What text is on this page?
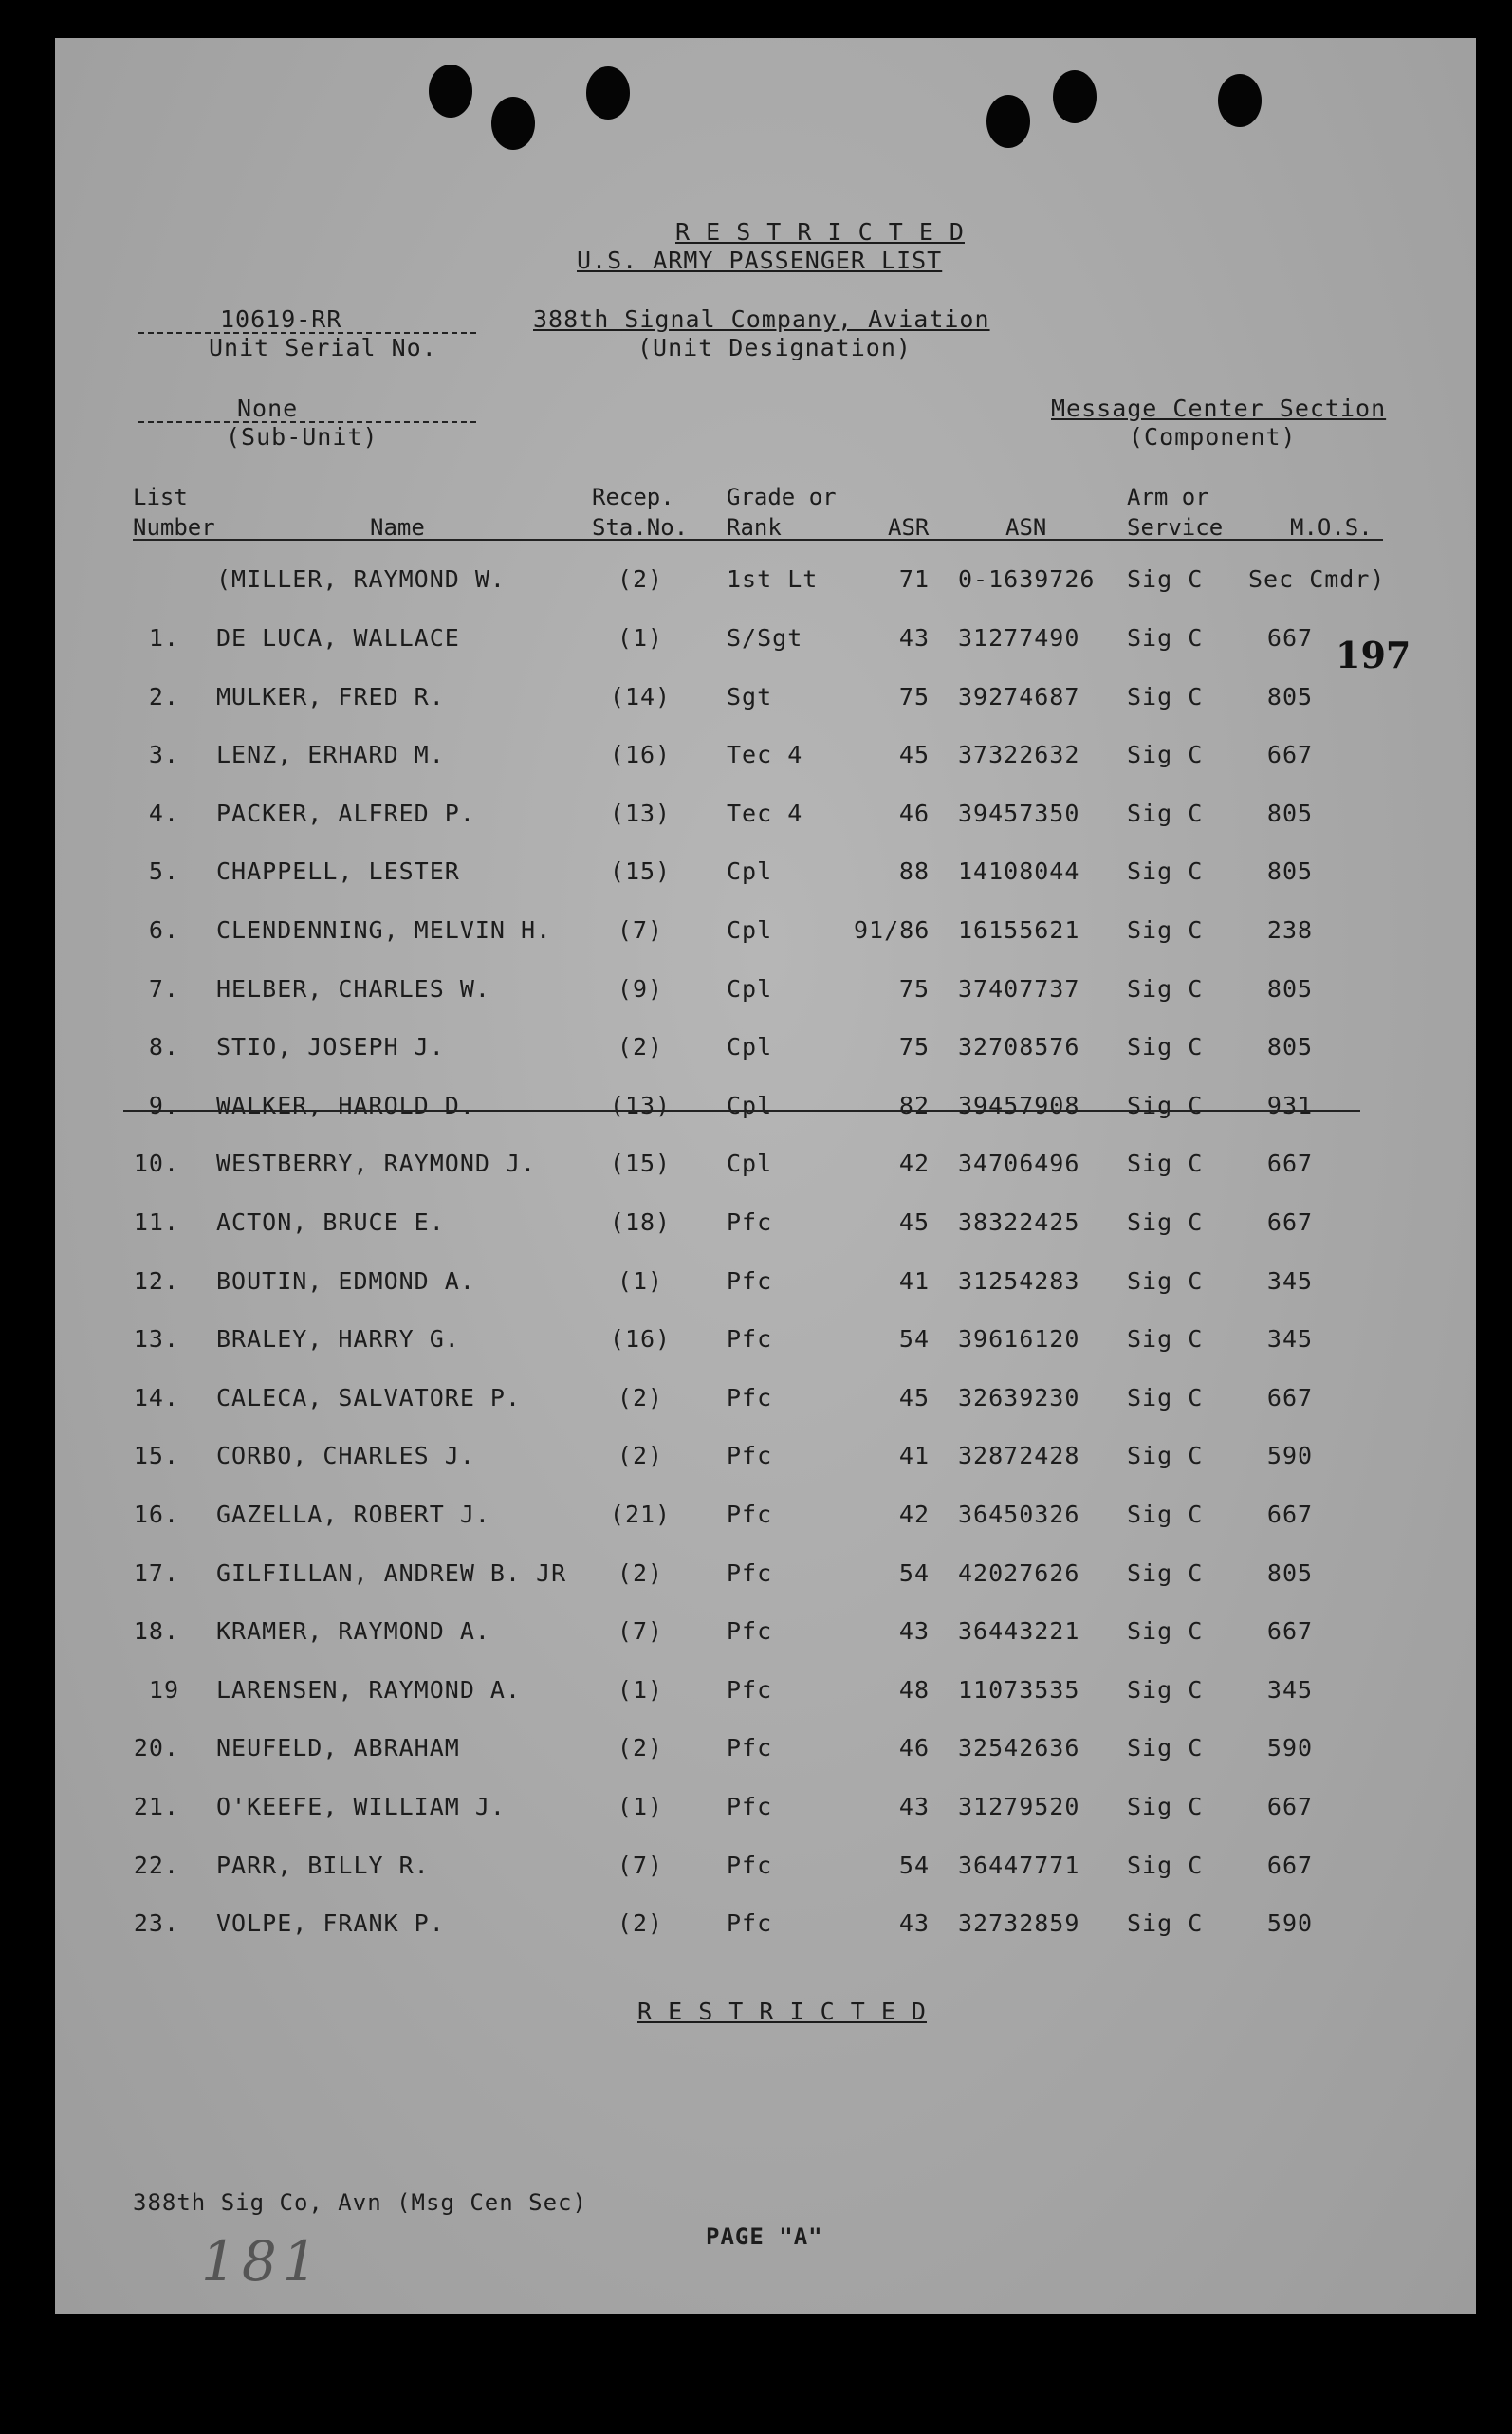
R E S T R I C T E D
U.S. ARMY PASSENGER LIST
10619-RR
Unit Serial No.
388th Signal Company, Aviation
(Unit Designation)
None
(Sub-Unit)
Message Center Section
(Component)
List
Number	Name
Recep.
Sta.No.
Grade or
Rank	ASR	ASN
Arm or
Service	M.O.S.
(MILLER, RAYMOND W.	(2)	1st Lt	71 0-1639726 Sig C Sec Cmdr)
1. DE LUCA, WALLACE	(1)	S/Sgt	43 31277490 Sig C	667
2. MULKER, FRED R.	(14)	Sgt	75 39274687 Sig C	805
3. LENZ, ERHARD M.	(16)	Tec 4	45 37322632 Sig C	667
4. PACKER, ALFRED P.	(13)	Tec 4	46 39457350 Sig C	805
5. CHAPPELL, LESTER	(15)	Cpl	88 14108044 Sig C	805
6. CLENDENNING, MELVIN H.	(7)	Cpl	91/86 16155621 Sig C	238
7. HELBER, CHARLES W.	(9)	Cpl	75 37407737 Sig C	805
8. STIO, JOSEPH J.	(2)	Cpl	75 32708576 Sig C	805
9. WALKER, HAROLD D.	(13)	Cpl	82 39457908 Sig C	931
10. WESTBERRY, RAYMOND J.	(15)	Cpl	42 34706496 Sig C	667
11. ACTON, BRUCE E.	(18)	Pfc	45 38322425 Sig C	667
12. BOUTIN, EDMOND A.	(1)	Pfc	41 31254283 Sig C	345
13. BRALEY, HARRY G.	(16)	Pfc	54 39616120 Sig C	345
14. CALECA, SALVATORE P.	(2)	Pfc	45 32639230 Sig C	667
15. CORBO, CHARLES J.	(2)	Pfc	41 32872428 Sig C	590
16. GAZELLA, ROBERT J.	(21)	Pfc	42 36450326 Sig C	667
17. GILFILLAN, ANDREW B. JR	(2)	Pfc	54 42027626 Sig C	805
18. KRAMER, RAYMOND A.	(7)	Pfc	43 36443221 Sig C	667
19 LARENSEN, RAYMOND A.	(1)	Pfc	48 11073535 Sig C	345
20. NEUFELD, ABRAHAM	(2)	Pfc	46 32542636 Sig C	590
21. O'KEEFE, WILLIAM J.	(1)	Pfc	43 31279520 Sig C	667
22. PARR, BILLY R.	(7)	Pfc	54 36447771 Sig C	667
23. VOLPE, FRANK P.	(2)	Pfc	43 32732859 Sig C	590
197
R E S T R I C T E D
388th Sig Co, Avn (Msg Cen Sec)
PAGE "A"
181
